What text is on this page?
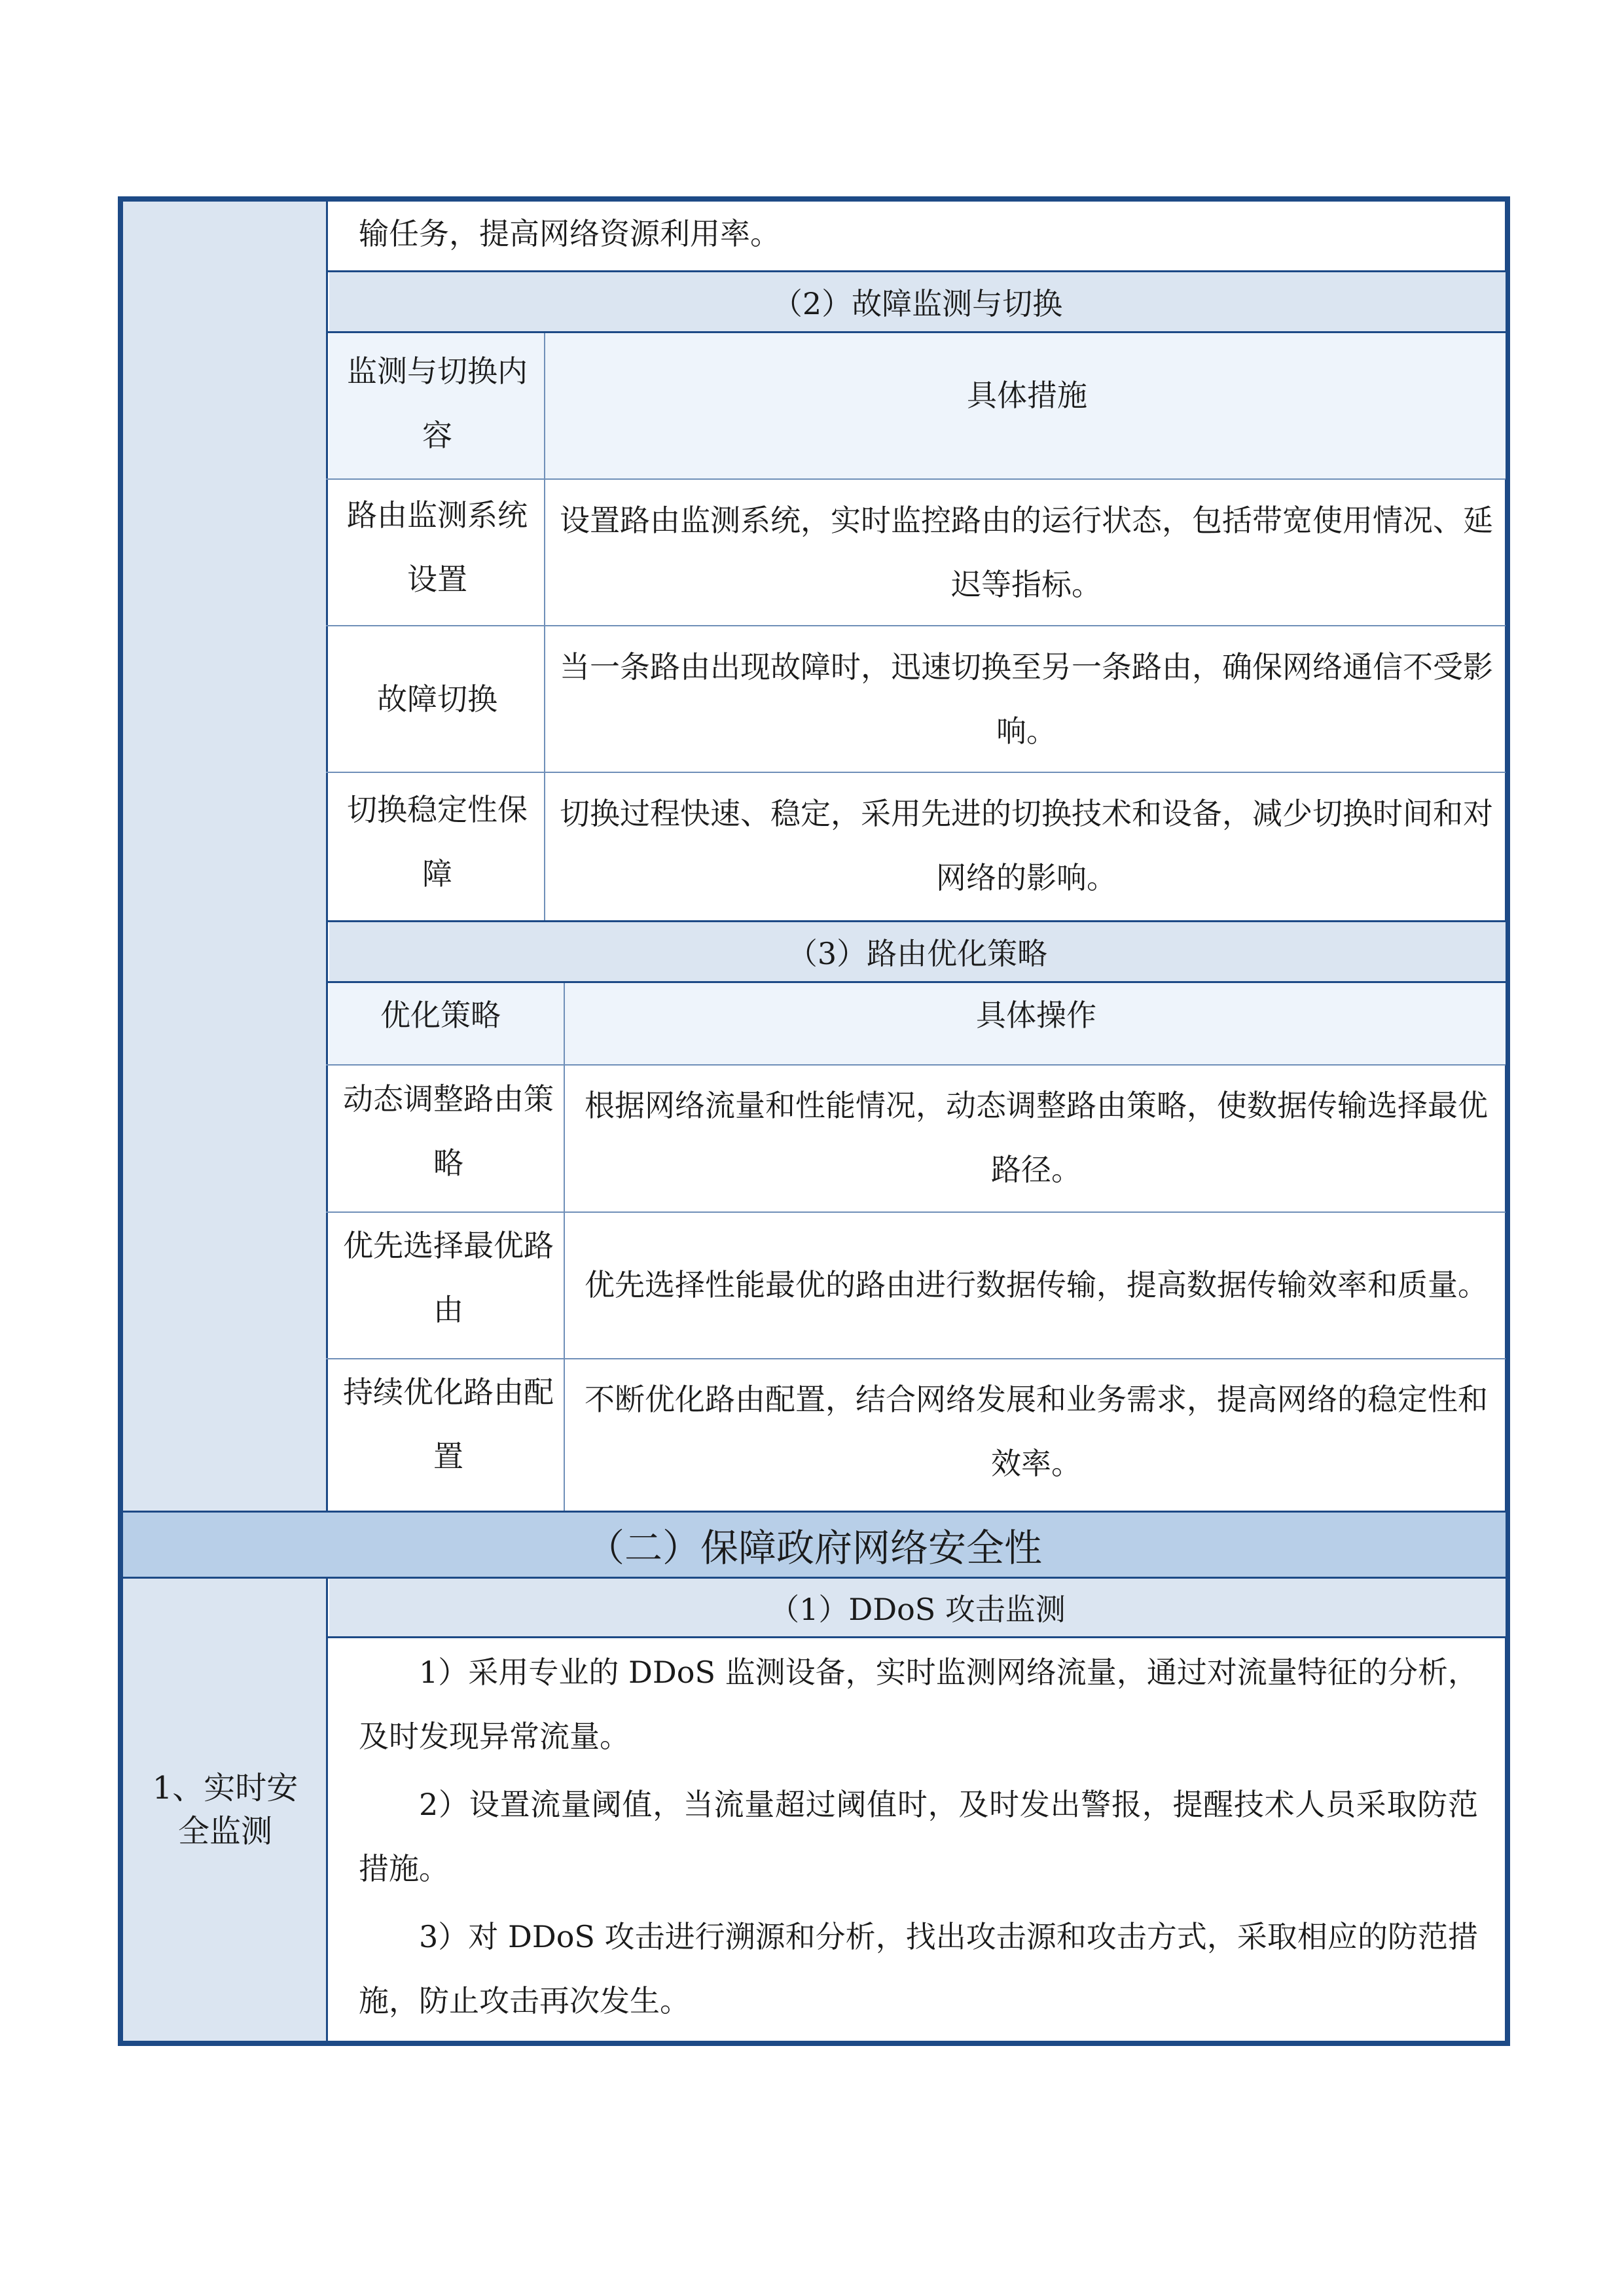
输任务，提高网络资源利用率。
（2）故障监测与切换
监测与切换内容
具体措施
路由监测系统设置
设置路由监测系统，实时监控路由的运行状态，包括带宽使用情况、延迟等指标。
故障切换
当一条路由出现故障时，迅速切换至另一条路由，确保网络通信不受影响。
切换稳定性保障
切换过程快速、稳定，采用先进的切换技术和设备，减少切换时间和对网络的影响。
（3）路由优化策略
优化策略	具体操作
动态调整路由策略
根据网络流量和性能情况，动态调整路由策略，使数据传输选择最优路径。
优先选择最优路由
优先选择性能最优的路由进行数据传输，提高数据传输效率和质量。
持续优化路由配置
不断优化路由配置，结合网络发展和业务需求，提高网络的稳定性和效率。
（二）保障政府网络安全性
1、实时安全监测
（1）DDoS 攻击监测

1）采用专业的 DDoS 监测设备，实时监测网络流量，通过对流量特征的分析，及时发现异常流量。

2）设置流量阈值，当流量超过阈值时，及时发出警报，提醒技术人员采取防范措施。

3）对 DDoS 攻击进行溯源和分析，找出攻击源和攻击方式，采取相应的防范措施，防止攻击再次发生。
